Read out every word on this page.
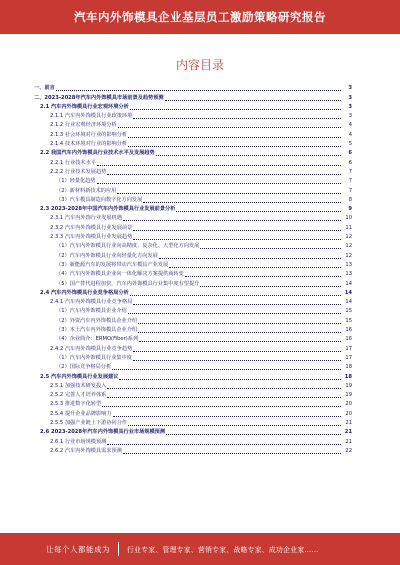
汽车内外饰模具企业基层员工激励策略研究报告
内容目录
一、前言	3
二、2023-2028年汽车内外饰模具市场前景及趋势预测	3
2.1 汽车内外饰模具行业宏观环境分析	3
2.1.1 汽车内外饰模具行业政策环境	3
2.1.2 行业宏观经济环境分析	4
2.1.3 社会环境对行业的影响分析	4
2.1.4 技术环境对行业的影响分析	5
2.2 我国汽车内外饰模具行业技术水平及发展趋势	6
2.2.1 行业技术水平	6
2.2.2 行业技术发展趋势	7
（1）轻量化趋势	7
（2）新材料新技术的应用	7
（3）汽车模具制造向数字化方向发展	8
2.3 2023-2028年中国汽车内外饰模具行业发展前景分析	9
2.3.1 汽车内外饰行业发展机遇	10
2.3.2 汽车内外饰模具行业发展前景	11
2.3.3 汽车内外饰模具行业发展趋势	12
（1）汽车内外饰模具行业向高精度、复杂化、大型化方向发展	12
（2）汽车内外饰模具行业向轻量化方向发展	12
（3）新能源汽车的发展将带动汽车模具产业发展	13
（4）汽车内外饰模具企业向一体化解决方案提供商转变	13
（5）国产替代进程加快，汽车内外饰模具行业集中度有望提升	14
2.4 汽车内外饰模具行业竞争格局分析	14
2.4.1 汽车内外饰模具行业竞争格局	14
（1）汽车内外饰模具企业介绍	15
（2）外资汽车内外饰模具企业介绍	15
（3）本土汽车内外饰模具企业介绍	16
（4）企业简介：ERMO(Fiber)系列	16
2.4.2 汽车内外饰模具行业竞争趋势	17
（1）汽车内外饰模具行业集中度	17
（2）国际竞争格局分析	18
2.5 汽车内外饰模具行业发展建议	18
2.5.1 加强技术研发投入	19
2.5.2 完善人才培养体系	19
2.5.3 推进数字化转型	20
2.5.4 提升企业品牌影响力	20
2.5.5 加强产业链上下游协同合作	21
2.6 2023-2028年汽车内外饰模具行业市场规模预测	21
2.6.1 行业市场规模预测	21
2.6.2 汽车内外饰模具需求预测	22
让每个人都能成为	行业专家、管理专家、营销专家、战略专家、成功企业家……
